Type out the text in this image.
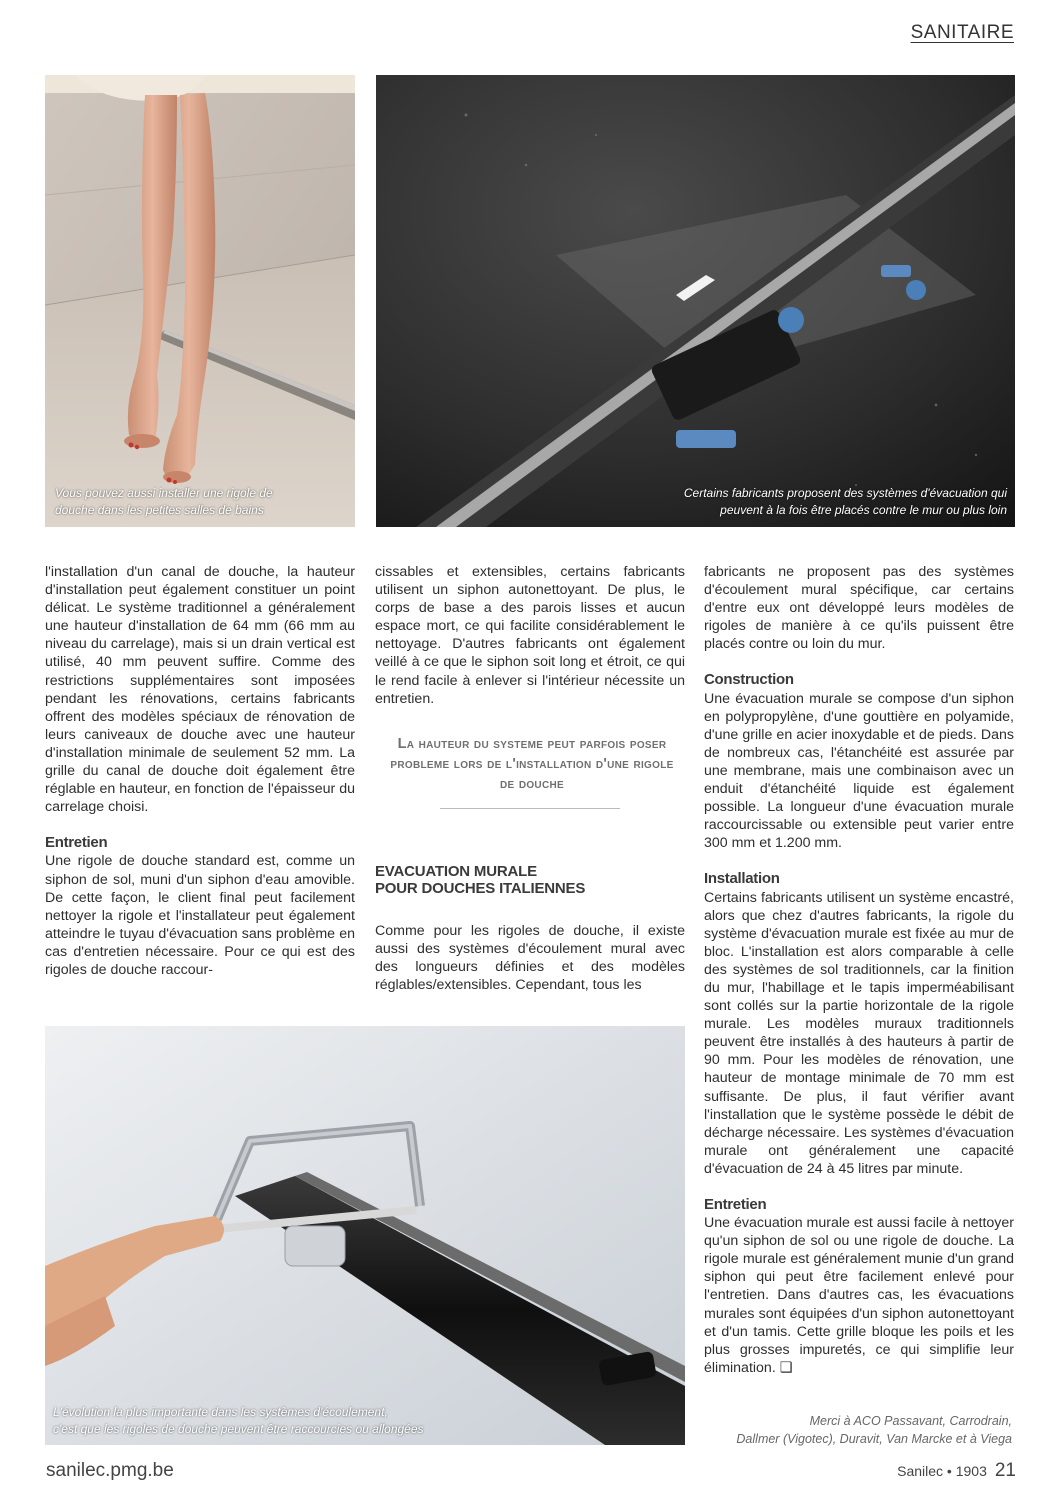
SANITAIRE
Vous pouvez aussi installer une rigole de douche dans les petites salles de bains
Certains fabricants proposent des systèmes d'évacuation qui
peuvent à la fois être placés contre le mur ou plus loin

l'installation d'un canal de douche, la hauteur d'installation peut également constituer un point délicat. Le système traditionnel a généralement une hauteur d'installation de 64 mm (66 mm au niveau du carrelage), mais si un drain vertical est utilisé, 40 mm peuvent suffire. Comme des restrictions supplémentaires sont imposées pendant les rénovations, certains fabricants offrent des modèles spéciaux de rénovation de leurs caniveaux de douche avec une hauteur d'installation minimale de seulement 52 mm. La grille du canal de douche doit également être réglable en hauteur, en fonction de l'épaisseur du carrelage choisi.

Entretien

Une rigole de douche standard est, comme un siphon de sol, muni d'un siphon d'eau amovible. De cette façon, le client final peut facilement nettoyer la rigole et l'installateur peut également atteindre le tuyau d'évacuation sans problème en cas d'entretien nécessaire. Pour ce qui est des rigoles de douche raccour-

cissables et extensibles, certains fabricants utilisent un siphon autonettoyant. De plus, le corps de base a des parois lisses et aucun espace mort, ce qui facilite considérablement le nettoyage. D'autres fabricants ont également veillé à ce que le siphon soit long et étroit, ce qui le rend facile à enlever si l'intérieur nécessite un entretien.

La hauteur du systeme peut parfois poser probleme lors de l'installation d'une rigole de douche
EVACUATION MURALE
POUR DOUCHES ITALIENNES

Comme pour les rigoles de douche, il existe aussi des systèmes d'écoulement mural avec des longueurs définies et des modèles réglables/extensibles. Cependant, tous les

fabricants ne proposent pas des systèmes d'écoulement mural spécifique, car certains d'entre eux ont développé leurs modèles de rigoles de manière à ce qu'ils puissent être placés contre ou loin du mur.

Construction

Une évacuation murale se compose d'un siphon en polypropylène, d'une gouttière en polyamide, d'une grille en acier inoxydable et de pieds. Dans de nombreux cas, l'étanchéité est assurée par une membrane, mais une combinaison avec un enduit d'étanchéité liquide est également possible. La longueur d'une évacuation murale raccourcissable ou extensible peut varier entre 300 mm et 1.200 mm.

Installation

Certains fabricants utilisent un système encastré, alors que chez d'autres fabricants, la rigole du système d'évacuation murale est fixée au mur de bloc. L'installation est alors comparable à celle des systèmes de sol traditionnels, car la finition du mur, l'habillage et le tapis imperméabilisant sont collés sur la partie horizontale de la rigole murale. Les modèles muraux traditionnels peuvent être installés à des hauteurs à partir de 90 mm. Pour les modèles de rénovation, une hauteur de montage minimale de 70 mm est suffisante. De plus, il faut vérifier avant l'installation que le système possède le débit de décharge nécessaire. Les systèmes d'évacuation murale ont généralement une capacité d'évacuation de 24 à 45 litres par minute.

Entretien

Une évacuation murale est aussi facile à nettoyer qu'un siphon de sol ou une rigole de douche. La rigole murale est généralement munie d'un grand siphon qui peut être facilement enlevé pour l'entretien. Dans d'autres cas, les évacuations murales sont équipées d'un siphon autonettoyant et d'un tamis. Cette grille bloque les poils et les plus grosses impuretés, ce qui simplifie leur élimination. ❑

Merci à ACO Passavant, Carrodrain,
Dallmer (Vigotec), Duravit, Van Marcke et à Viega
L'évolution la plus importante dans les systèmes d'écoulement,
c'est que les rigoles de douche peuvent être raccourcies ou allongées
sanilec.pmg.be	Sanilec • 1903 21
